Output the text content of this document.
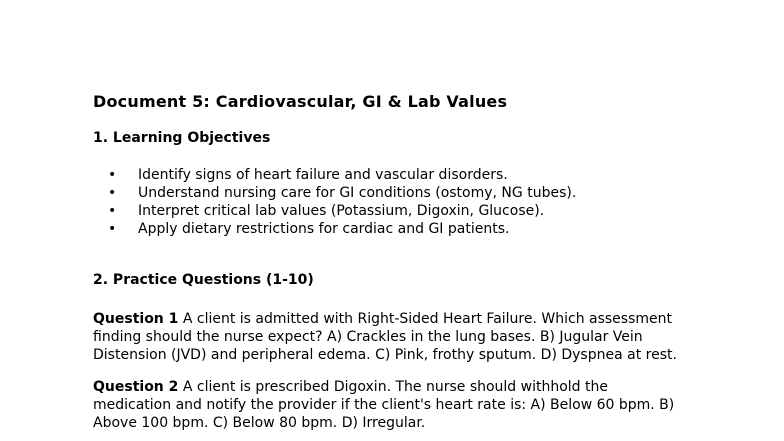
Document 5: Cardiovascular, GI & Lab Values
1. Learning Objectives
• Identify signs of heart failure and vascular disorders.
• Understand nursing care for GI conditions (ostomy, NG tubes).
• Interpret critical lab values (Potassium, Digoxin, Glucose).
• Apply dietary restrictions for cardiac and GI patients.
2. Practice Questions (1-10)

Question 1 A client is admitted with Right-Sided Heart Failure. Which assessment finding should the nurse expect? A) Crackles in the lung bases. B) Jugular Vein Distension (JVD) and peripheral edema. C) Pink, frothy sputum. D) Dyspnea at rest.

Question 2 A client is prescribed Digoxin. The nurse should withhold the medication and notify the provider if the client's heart rate is: A) Below 60 bpm. B) Above 100 bpm. C) Below 80 bpm. D) Irregular.
